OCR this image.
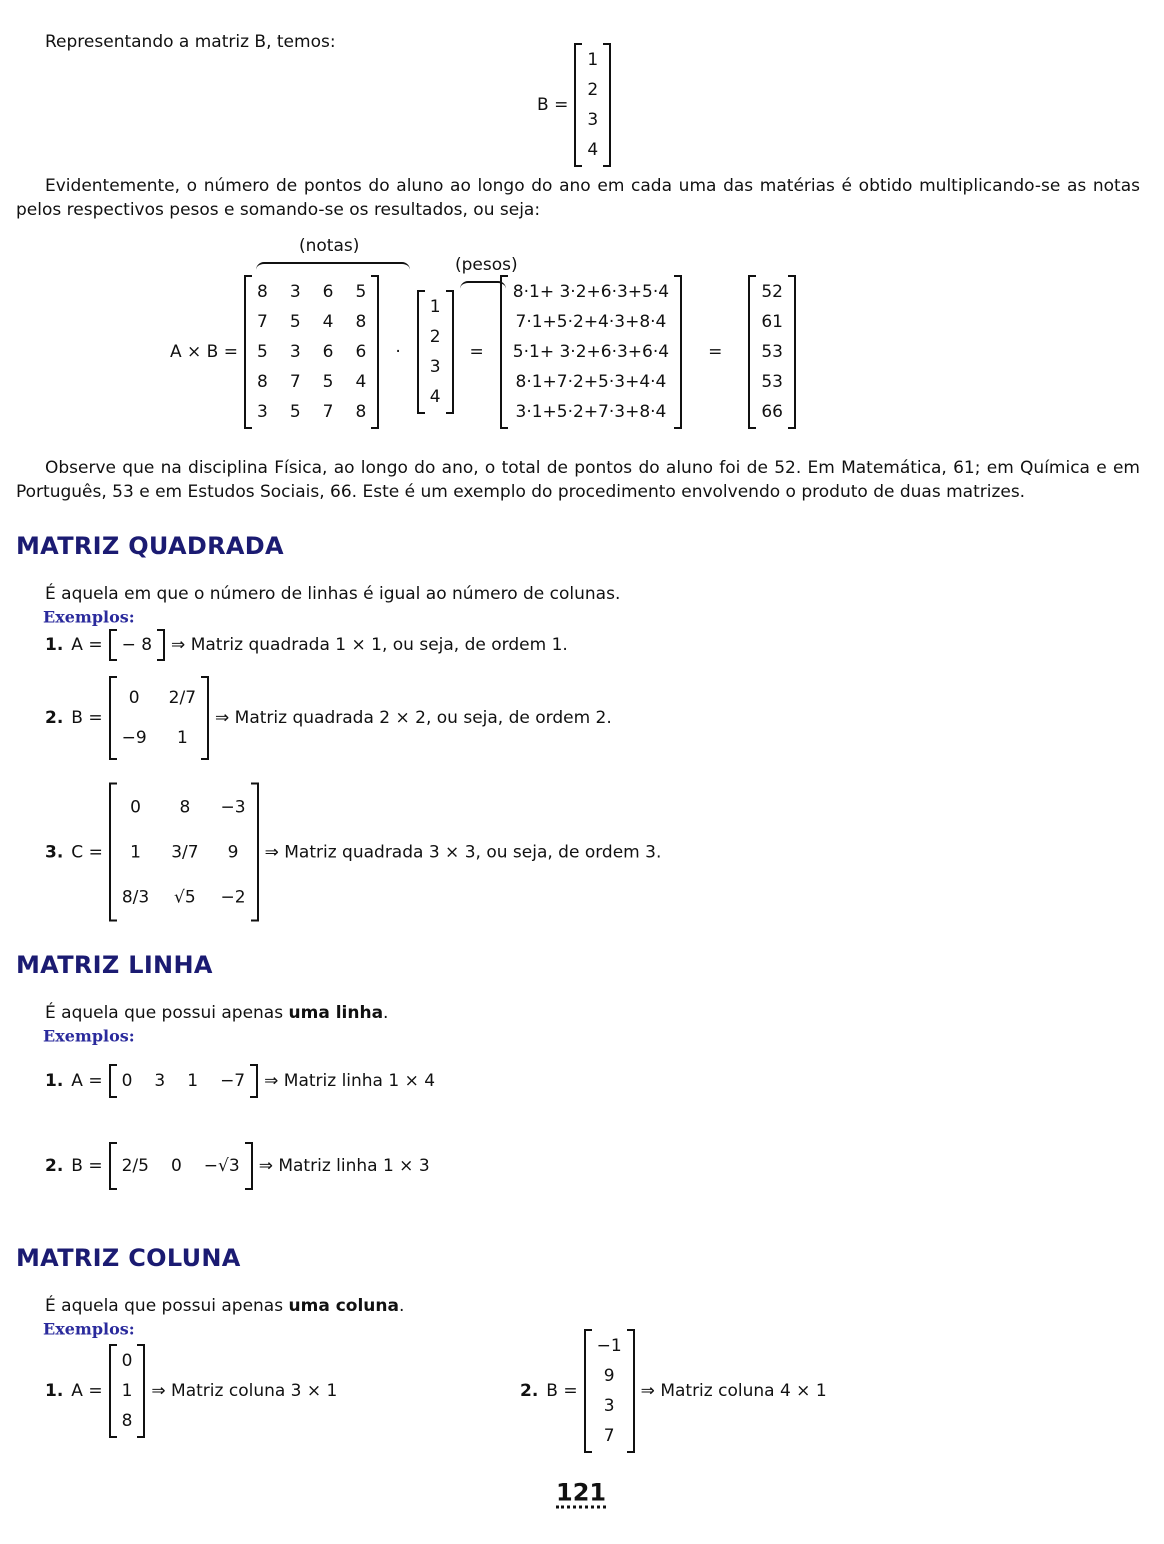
Representando a matriz B, temos:
B =
1
2
3
4

Evidentemente, o número de pontos do aluno ao longo do ano em cada uma das matérias é obtido multiplicando-se as notas pelos respectivos pesos e somando-se os resultados, ou seja:
(notas)
(pesos)
A × B =
8	3	6	5
7	5	4	8
5	3	6	6
8	7	5	4
3	5	7	8

·
1
2
3
4

=
8·1+ 3·2+6·3+5·4
7·1+5·2+4·3+8·4
5·1+ 3·2+6·3+6·4
8·1+7·2+5·3+4·4
3·1+5·2+7·3+8·4

=
52
61
53
53
66

Observe que na disciplina Física, ao longo do ano, o total de pontos do aluno foi de 52. Em Matemática, 61; em Química e em Português, 53 e em Estudos Sociais, 66. Este é um exemplo do procedimento envolvendo o produto de duas matrizes.
MATRIZ QUADRADA
É aquela em que o número de linhas é igual ao número de colunas.
Exemplos:
1. A = − 8 ⇒ Matriz quadrada 1 × 1, ou seja, de ordem 1.
2. B =
0	2/7
−9	1

⇒ Matriz quadrada 2 × 2, ou seja, de ordem 2.
3. C =
0	8	−3
1	3/7	9
8/3	√5	−2

⇒ Matriz quadrada 3 × 3, ou seja, de ordem 3.
MATRIZ LINHA
É aquela que possui apenas uma linha .
Exemplos:
1. A = 0	3	1	−7 ⇒ Matriz linha 1 × 4
2. B = 2/5	0	−√3 ⇒ Matriz linha 1 × 3
MATRIZ COLUNA
É aquela que possui apenas uma coluna .
Exemplos:
1. A =
0
1
8

⇒ Matriz coluna 3 × 1	2. B =
−1
9
3
7

⇒ Matriz coluna 4 × 1
121
